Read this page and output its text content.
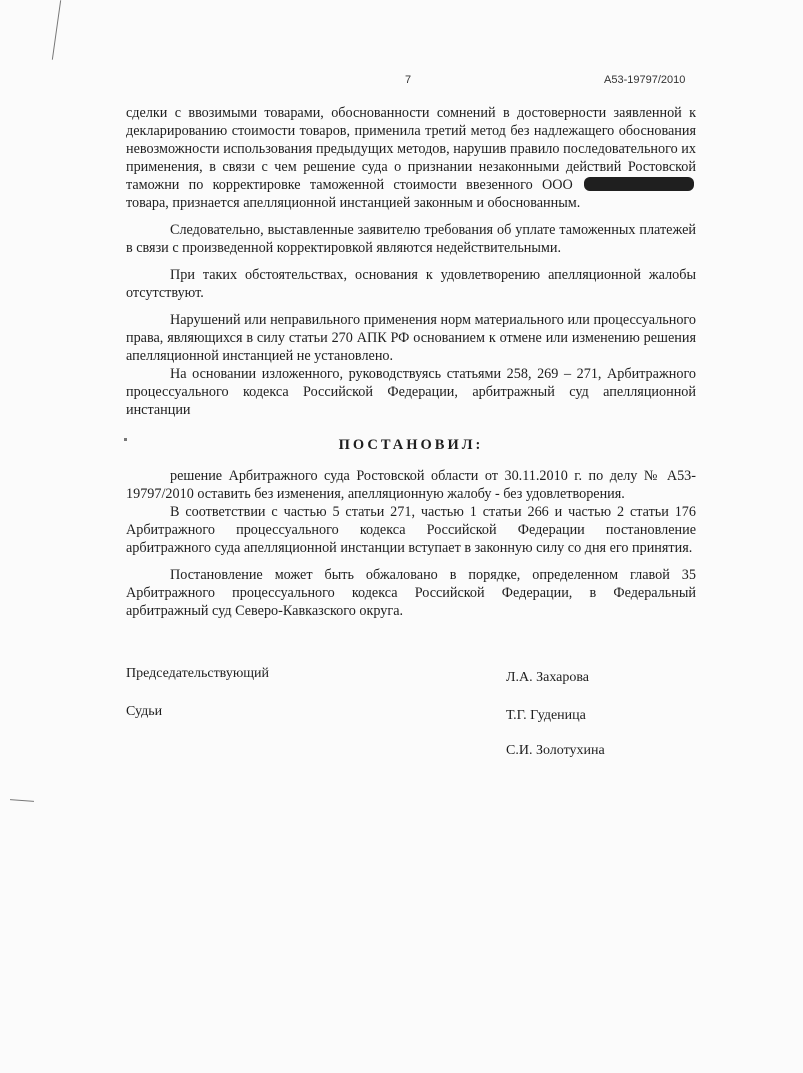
7	А53-19797/2010

сделки с ввозимыми товарами, обоснованности сомнений в достоверности заявленной к декларированию стоимости товаров, применила третий метод без надлежащего обоснования невозможности использования предыдущих методов, нарушив правило последовательного их применения, в связи с чем решение суда о признании незаконными действий Ростовской таможни по корректировке таможенной стоимости ввезенного ООО  товара, признается апелляционной инстанцией законным и обоснованным.

Следовательно, выставленные заявителю требования об уплате таможенных платежей в связи с произведенной корректировкой являются недействительными.

При таких обстоятельствах, основания к удовлетворению апелляционной жалобы отсутствуют.

Нарушений или неправильного применения норм материального или процессуального права, являющихся в силу статьи 270 АПК РФ основанием к отмене или изменению решения апелляционной инстанцией не установлено.

На основании изложенного, руководствуясь статьями 258, 269 – 271, Арбитражного процессуального кодекса Российской Федерации, арбитражный суд апелляционной инстанции

ПОСТАНОВИЛ:

решение Арбитражного суда Ростовской области от 30.11.2010 г. по делу № А53-19797/2010 оставить без изменения, апелляционную жалобу - без удовлетворения.

В соответствии с частью 5 статьи 271, частью 1 статьи 266 и частью 2 статьи 176 Арбитражного процессуального кодекса Российской Федерации постановление арбитражного суда апелляционной инстанции вступает в законную силу со дня его принятия.

Постановление может быть обжаловано в порядке, определенном главой 35 Арбитражного процессуального кодекса Российской Федерации, в Федеральный арбитражный суд Северо-Кавказского округа.

Председательствующий	Л.А. Захарова
Судьи	Т.Г. Гуденица
С.И. Золотухина
